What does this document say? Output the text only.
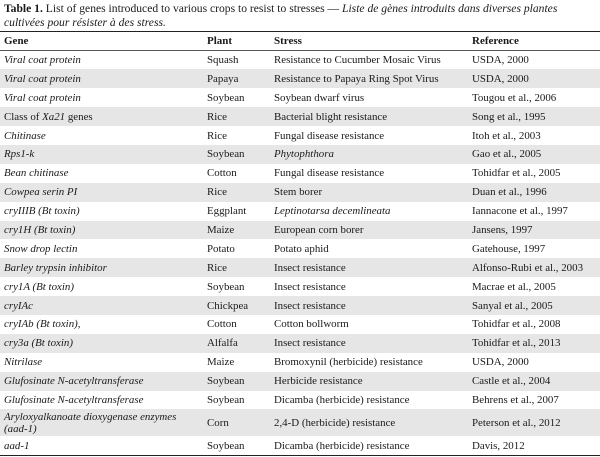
Table 1. List of genes introduced to various crops to resist to stresses — Liste de gènes introduits dans diverses plantes cultivées pour résister à des stress.
Gene	Plant	Stress	Reference
Viral coat protein	Squash	Resistance to Cucumber Mosaic Virus	USDA, 2000
Viral coat protein	Papaya	Resistance to Papaya Ring Spot Virus	USDA, 2000
Viral coat protein	Soybean	Soybean dwarf virus	Tougou et al., 2006
Class of Xa21 genes	Rice	Bacterial blight resistance	Song et al., 1995
Chitinase	Rice	Fungal disease resistance	Itoh et al., 2003
Rps1-k	Soybean	Phytophthora	Gao et al., 2005
Bean chitinase	Cotton	Fungal disease resistance	Tohidfar et al., 2005
Cowpea serin PI	Rice	Stem borer	Duan et al., 1996
cryIIIB (Bt toxin)	Eggplant	Leptinotarsa decemlineata	Iannacone et al., 1997
cry1H (Bt toxin)	Maize	European corn borer	Jansens, 1997
Snow drop lectin	Potato	Potato aphid	Gatehouse, 1997
Barley trypsin inhibitor	Rice	Insect resistance	Alfonso-Rubi et al., 2003
cry1A (Bt toxin)	Soybean	Insect resistance	Macrae et al., 2005
cryIAc	Chickpea	Insect resistance	Sanyal et al., 2005
cryIAb (Bt toxin),	Cotton	Cotton bollworm	Tohidfar et al., 2008
cry3a (Bt toxin)	Alfalfa	Insect resistance	Tohidfar et al., 2013
Nitrilase	Maize	Bromoxynil (herbicide) resistance	USDA, 2000
Glufosinate N-acetyltransferase	Soybean	Herbicide resistance	Castle et al., 2004
Glufosinate N-acetyltransferase	Soybean	Dicamba (herbicide) resistance	Behrens et al., 2007
Aryloxyalkanoate dioxygenase enzymes (aad-1)	Corn	2,4-D (herbicide) resistance	Peterson et al., 2012
aad-1	Soybean	Dicamba (herbicide) resistance	Davis, 2012
